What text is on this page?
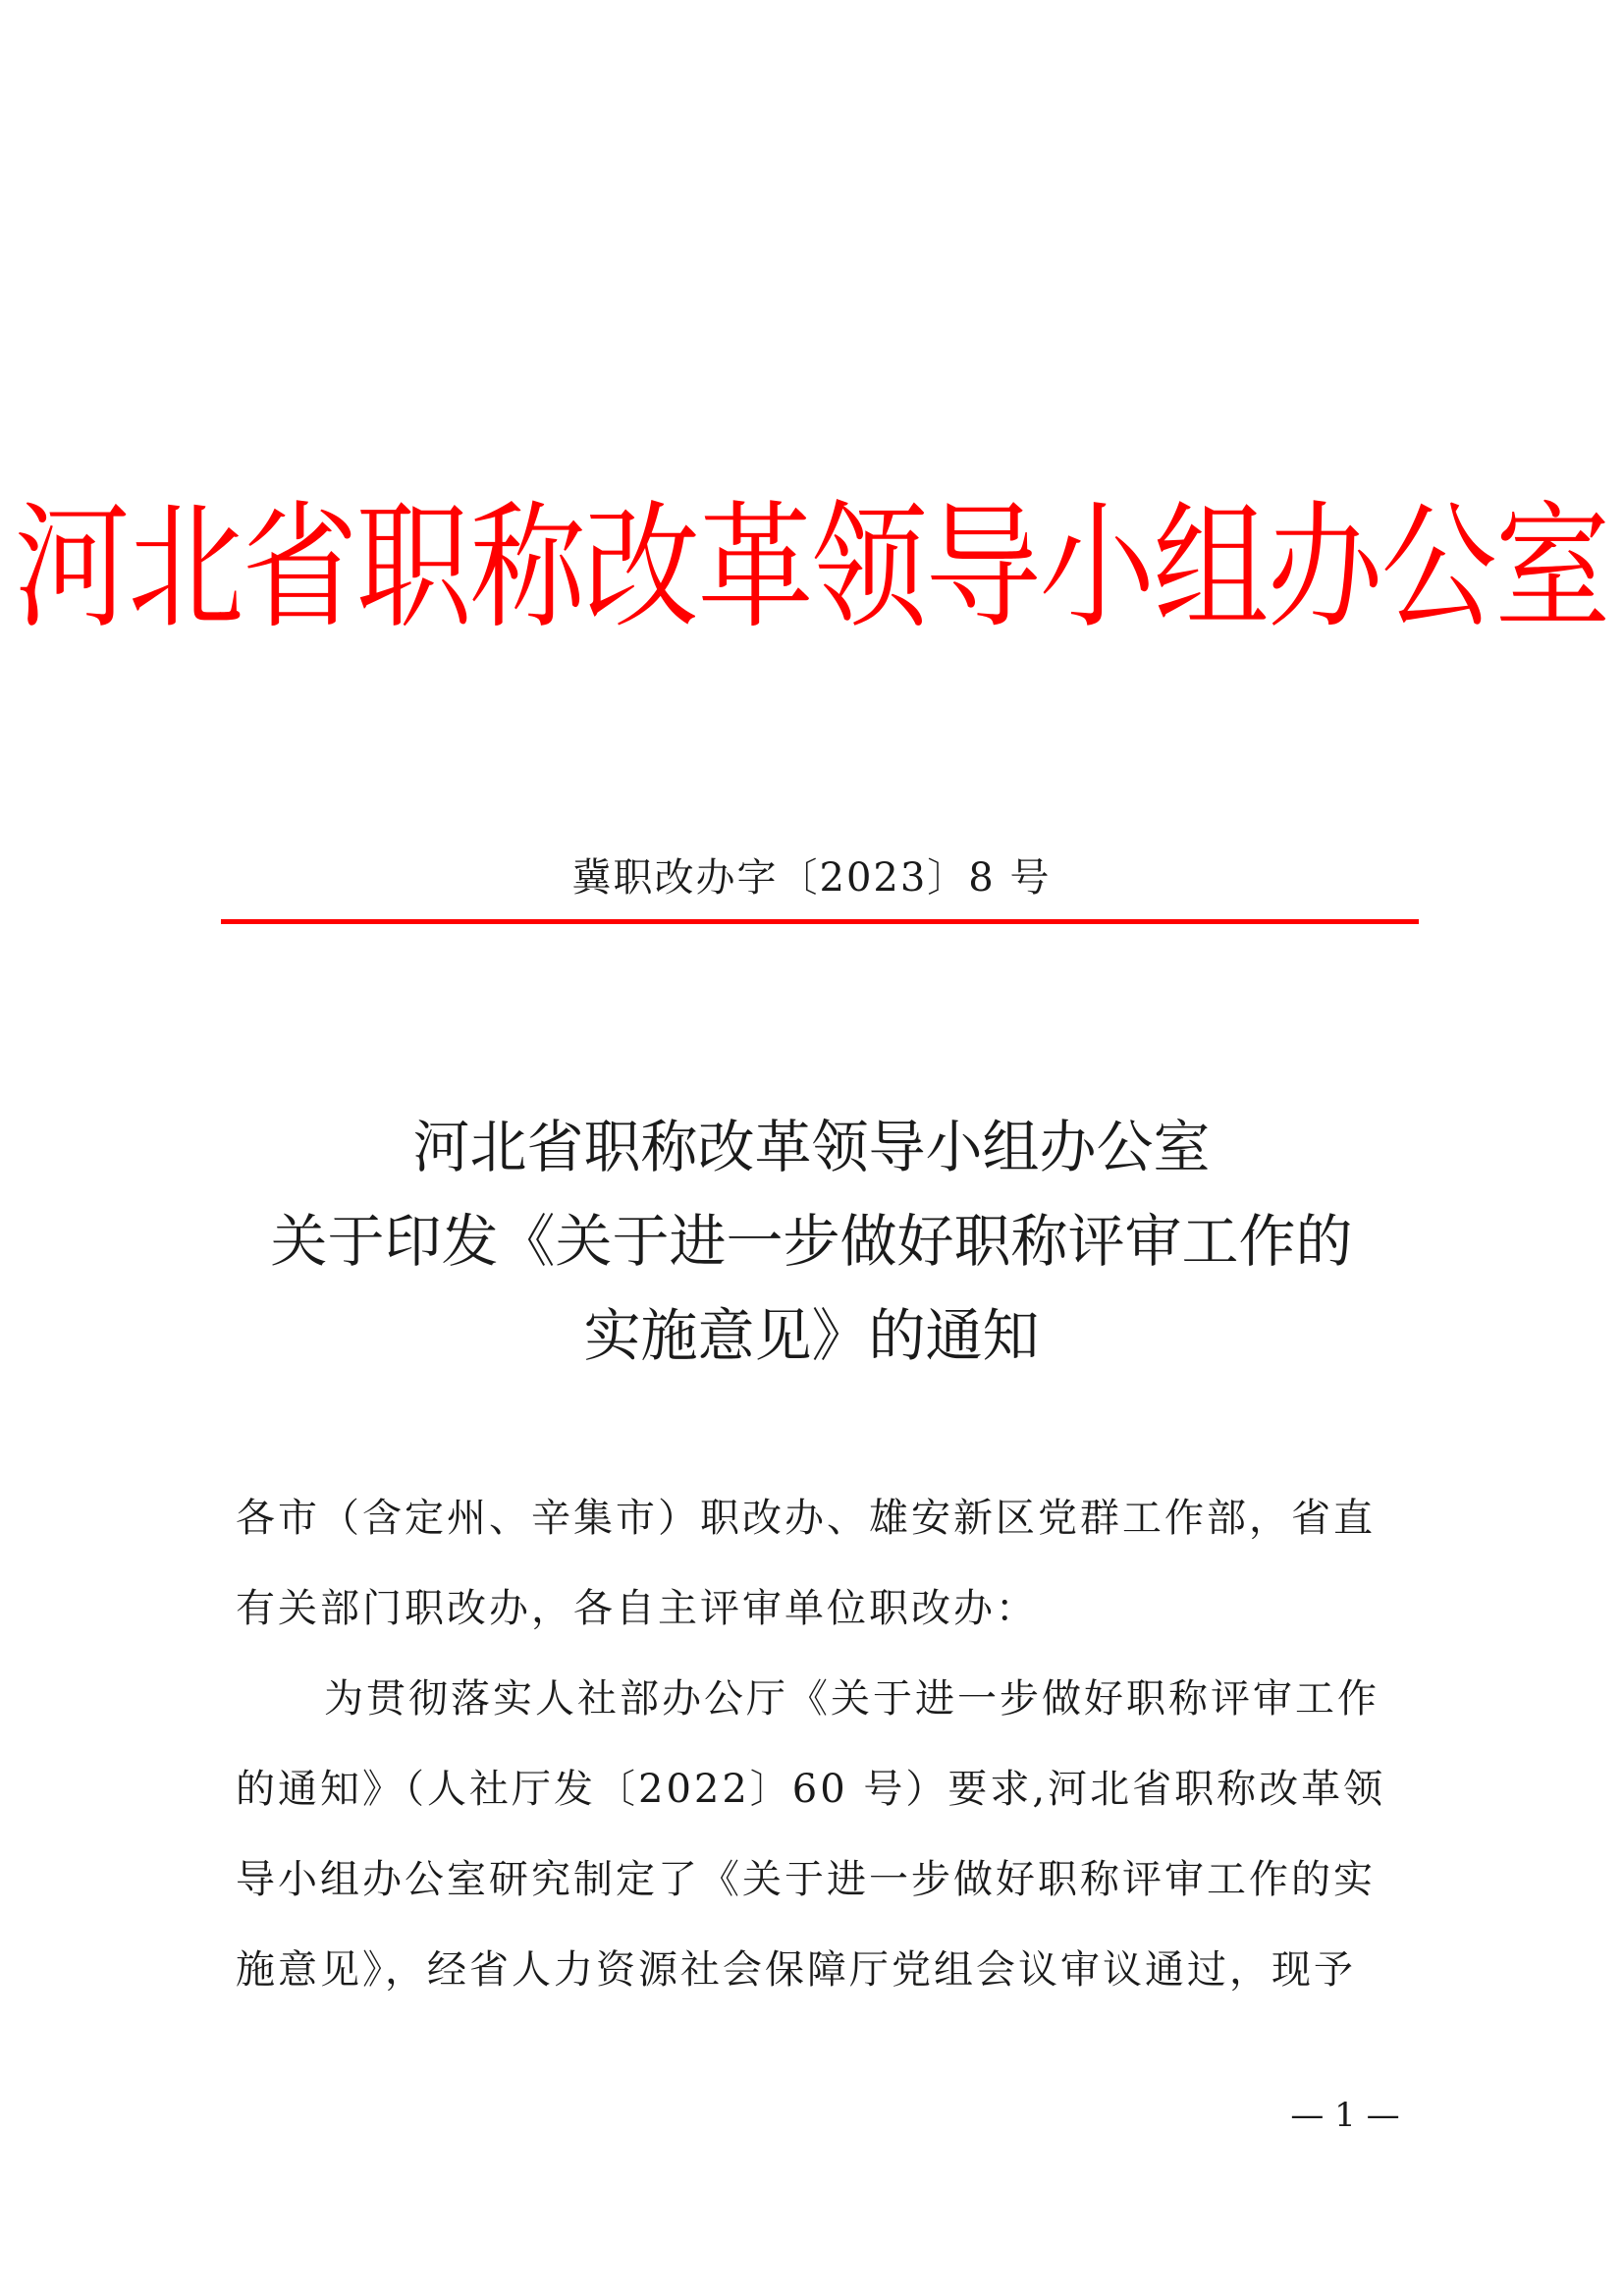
河北省职称改革领导小组办公室
冀职改办字〔2023〕8 号
河北省职称改革领导小组办公室
关于印发《关于进一步做好职称评审工作的
实施意见》的通知
各市（含定州、辛集市）职改办、雄安新区党群工作部，省直
有关部门职改办，各自主评审单位职改办：
为贯彻落实人社部办公厅《关于进一步做好职称评审工作
的通知》（人社厅发〔2022〕60 号）要求,河北省职称改革领
导小组办公室研究制定了《关于进一步做好职称评审工作的实
施意见》，经省人力资源社会保障厅党组会议审议通过，现予
— 1 —
